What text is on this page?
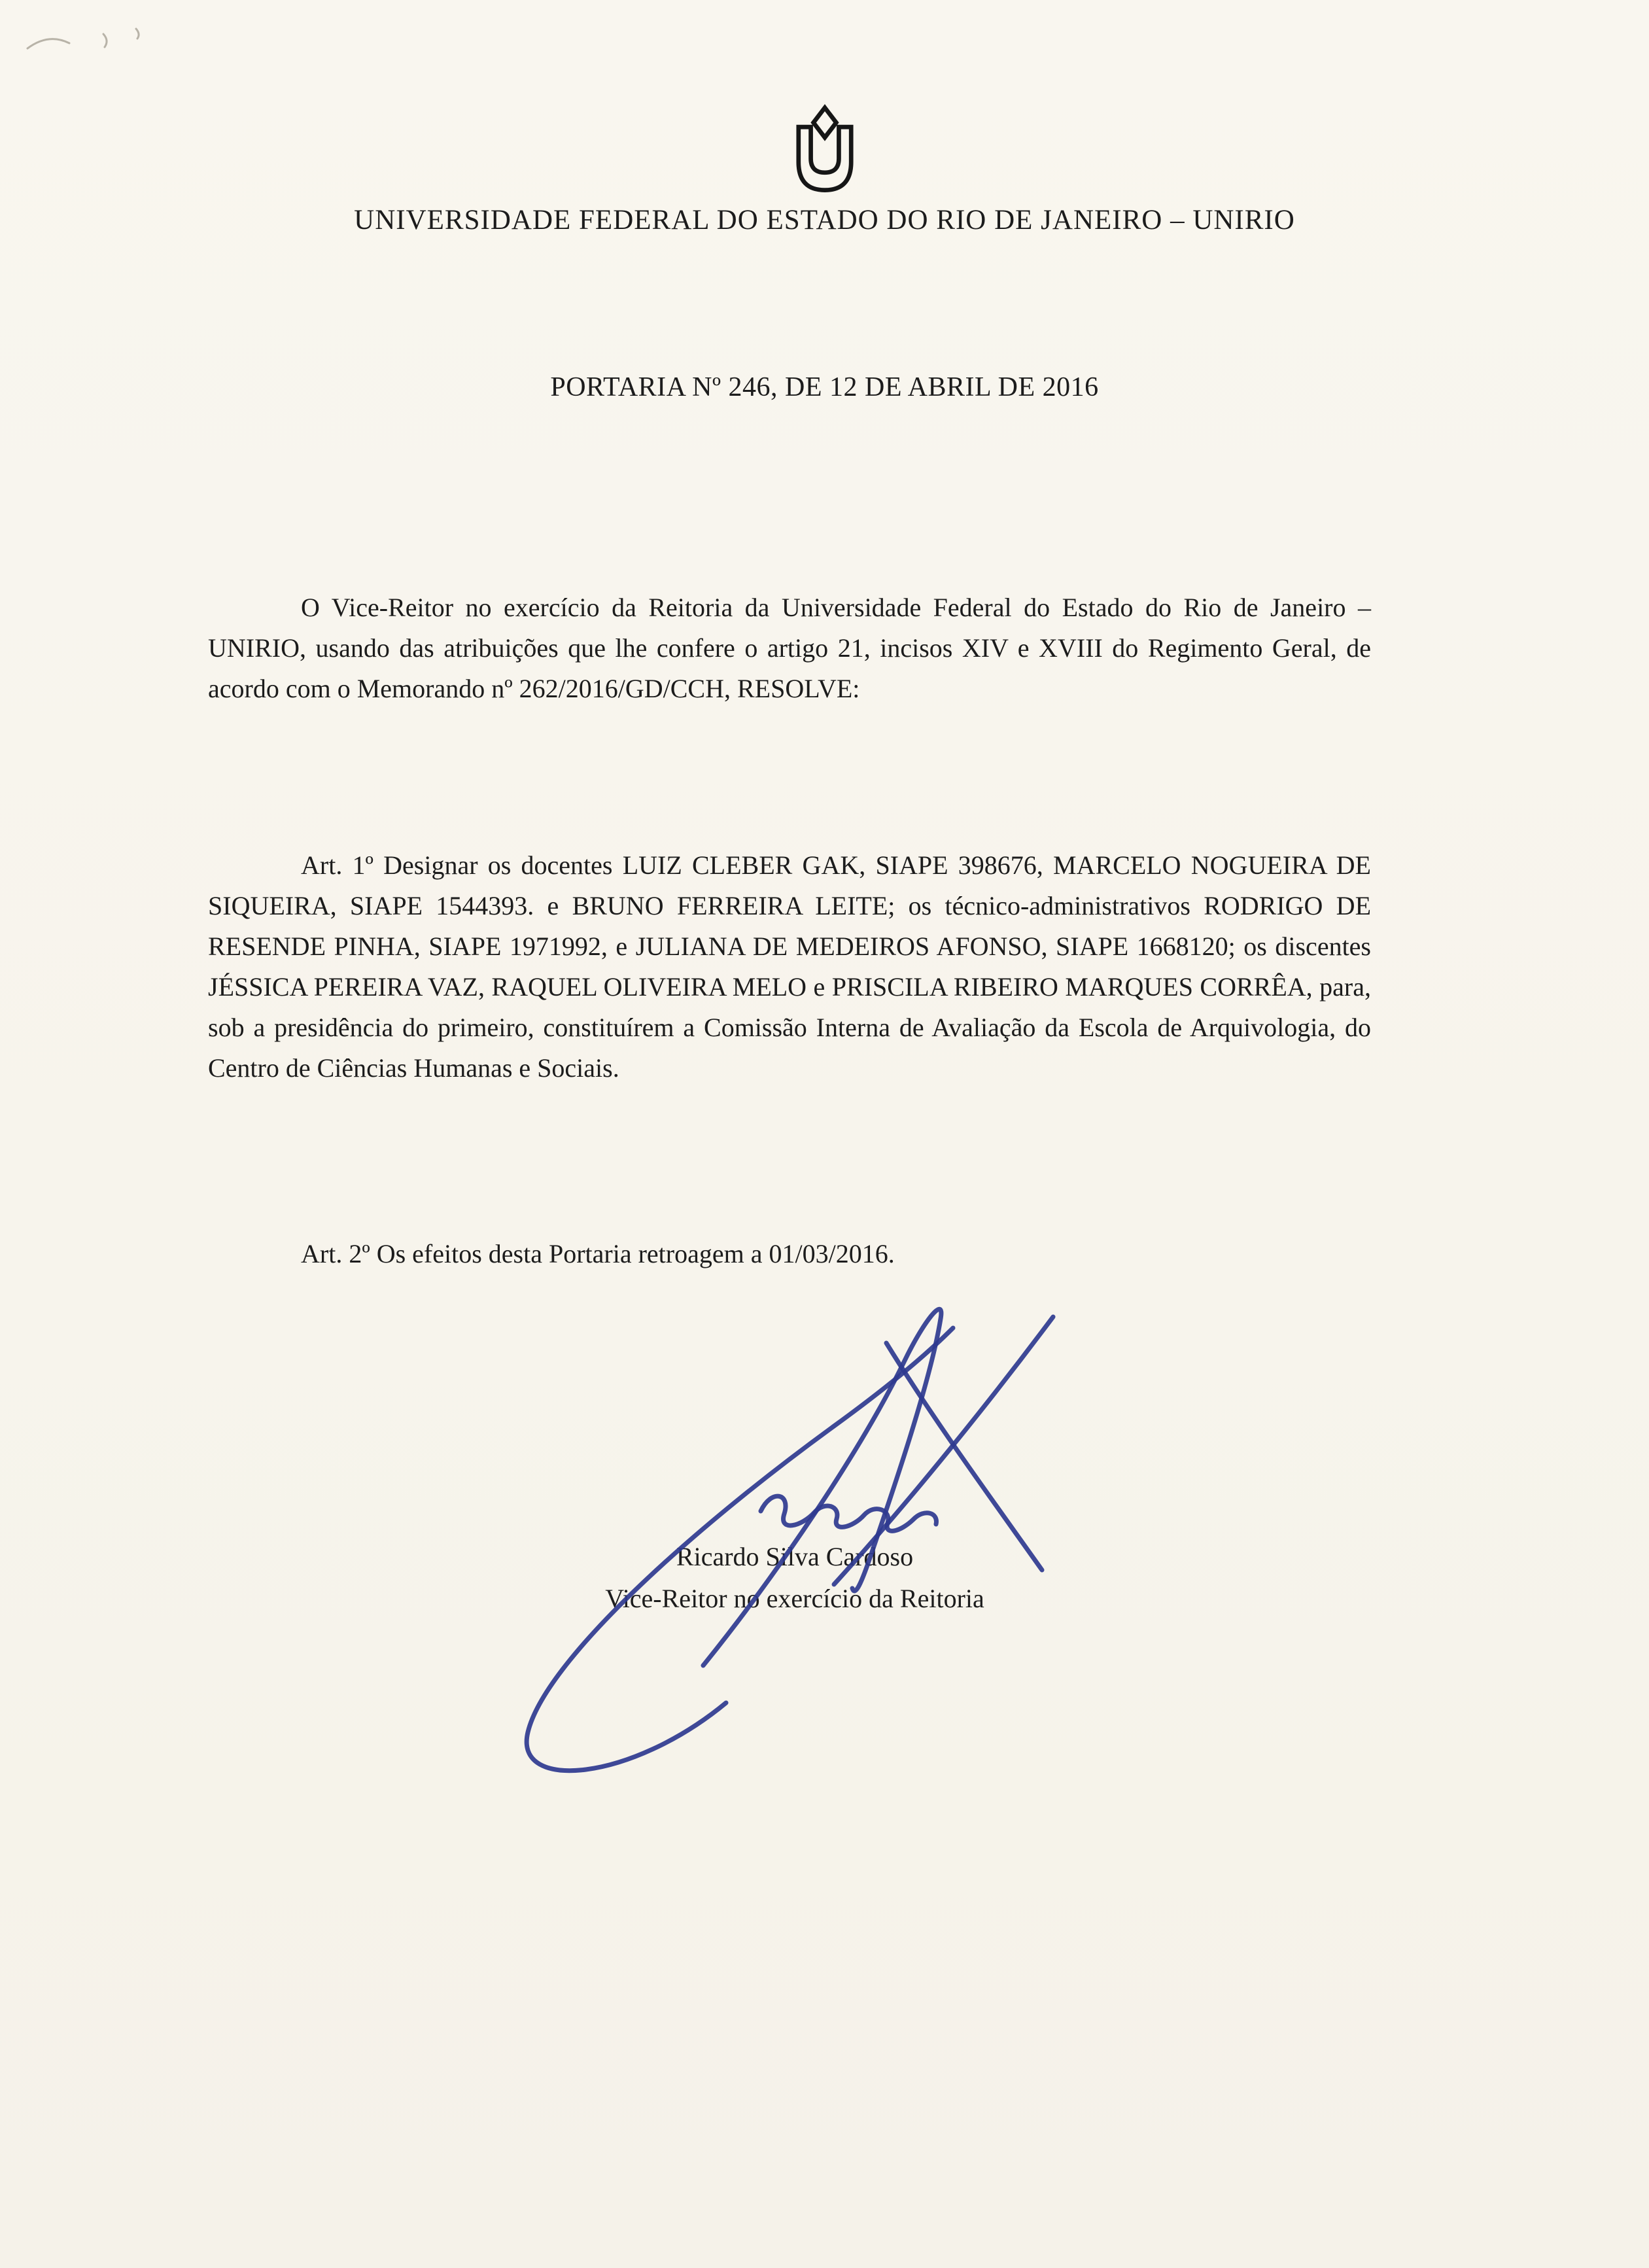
UNIVERSIDADE FEDERAL DO ESTADO DO RIO DE JANEIRO – UNIRIO
PORTARIA Nº 246, DE 12 DE ABRIL DE 2016

O Vice-Reitor no exercício da Reitoria da Universidade Federal do Estado do Rio de Janeiro – UNIRIO, usando das atribuições que lhe confere o artigo 21, incisos XIV e XVIII do Regimento Geral, de acordo com o Memorando nº 262/2016/GD/CCH, RESOLVE:

Art. 1º Designar os docentes LUIZ CLEBER GAK, SIAPE 398676, MARCELO NOGUEIRA DE SIQUEIRA, SIAPE 1544393. e BRUNO FERREIRA LEITE; os técnico-administrativos RODRIGO DE RESENDE PINHA, SIAPE 1971992, e JULIANA DE MEDEIROS AFONSO, SIAPE 1668120; os discentes JÉSSICA PEREIRA VAZ, RAQUEL OLIVEIRA MELO e PRISCILA RIBEIRO MARQUES CORRÊA, para, sob a presidência do primeiro, constituírem a Comissão Interna de Avaliação da Escola de Arquivologia, do Centro de Ciências Humanas e Sociais.

Art. 2º Os efeitos desta Portaria retroagem a 01/03/2016.

Ricardo Silva Cardoso
Vice-Reitor no exercício da Reitoria
